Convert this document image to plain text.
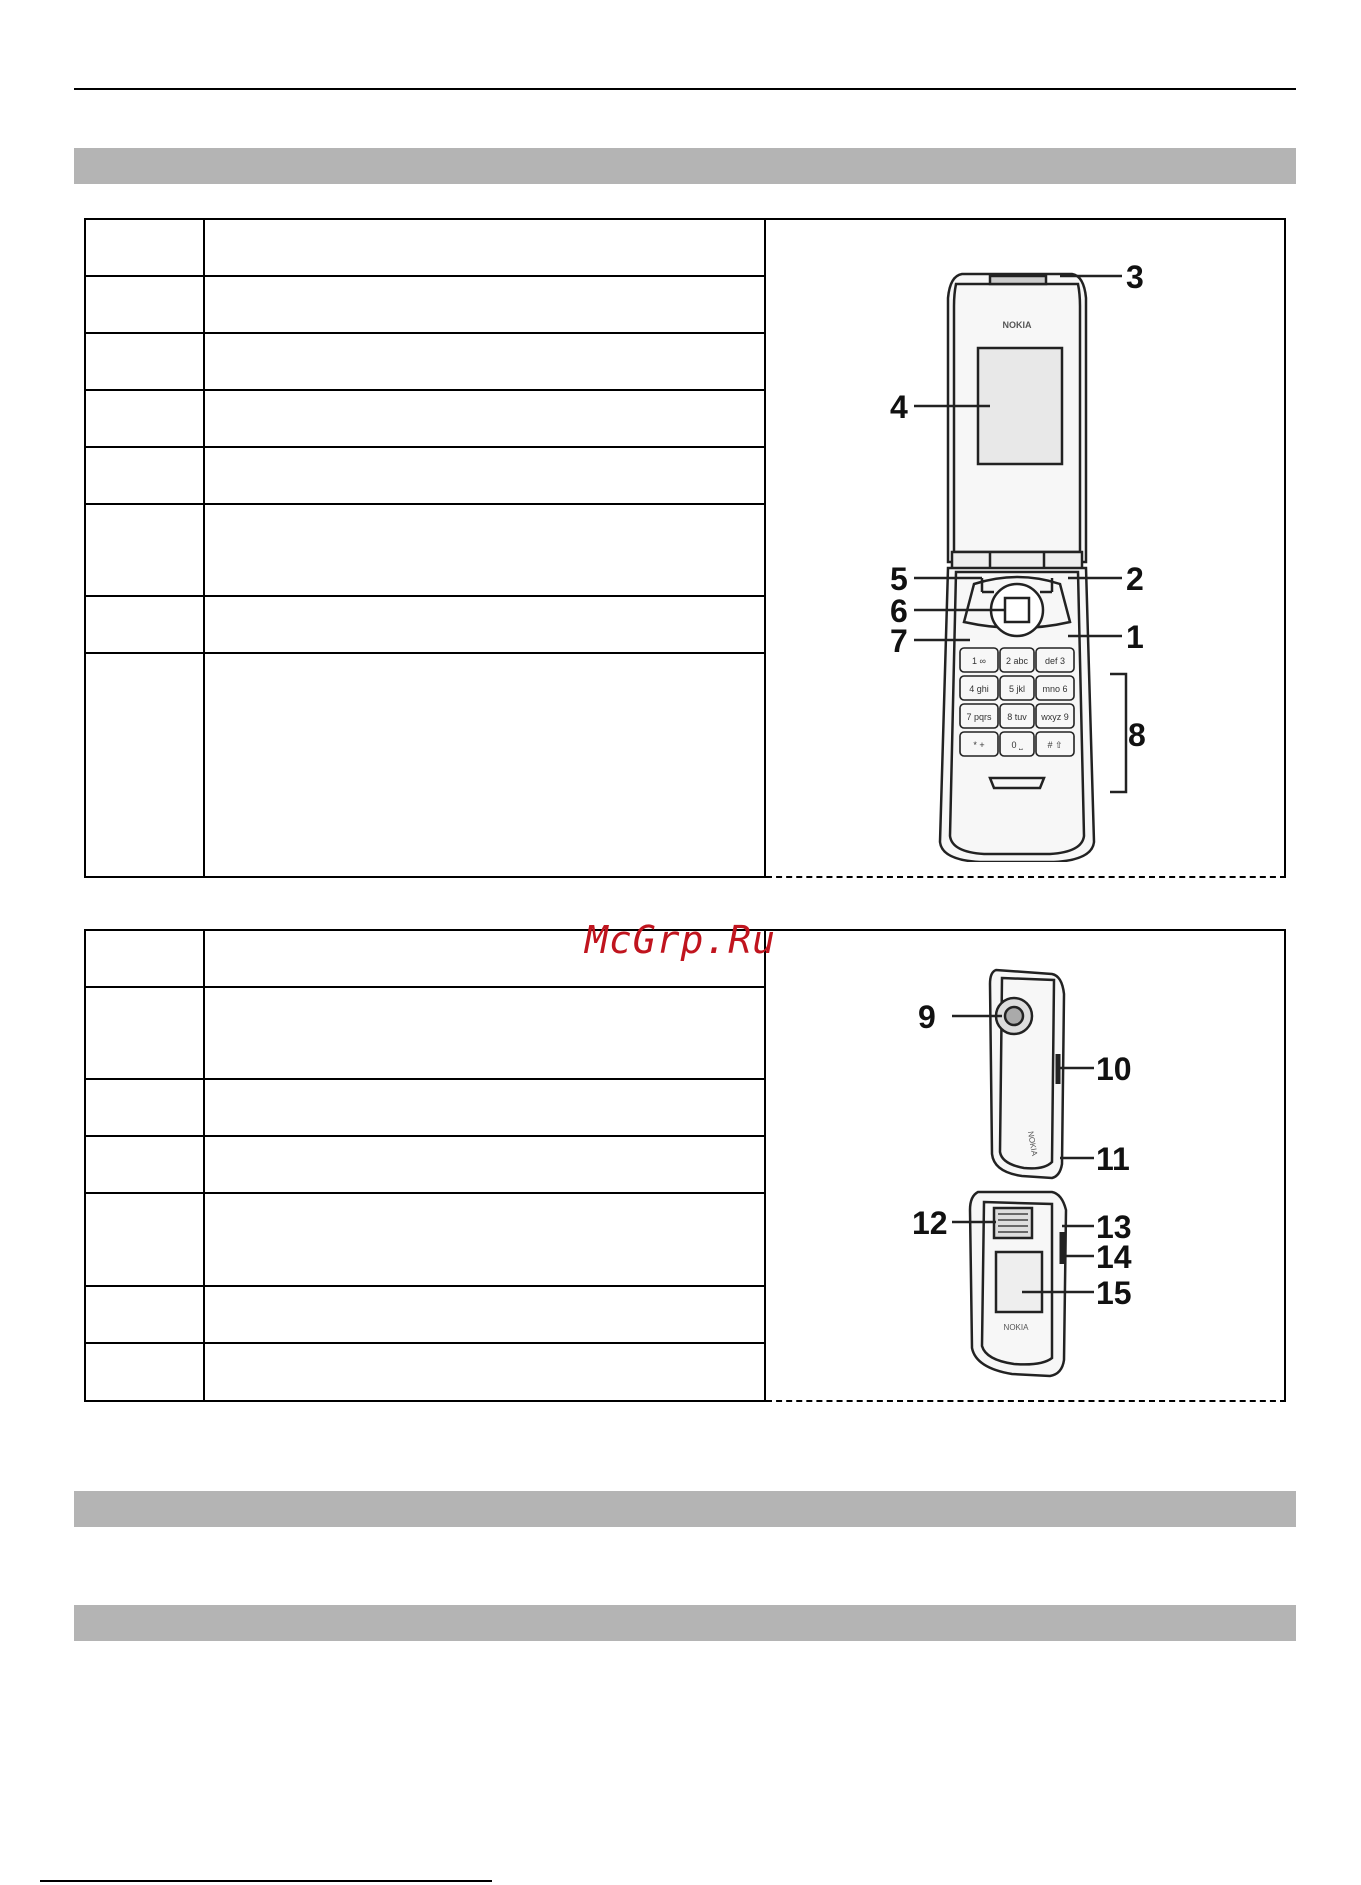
NOKIA
1 ∞ 2 abc def 3
4 ghi 5 jkl mno 6
7 pqrs 8 tuv wxyz 9
* +	0 ⎵	# ⇧
3
4
5	2
6
7	1
8
NOKIA
NOKIA
9
10
11
12	13
14
15
McGrp.Ru
